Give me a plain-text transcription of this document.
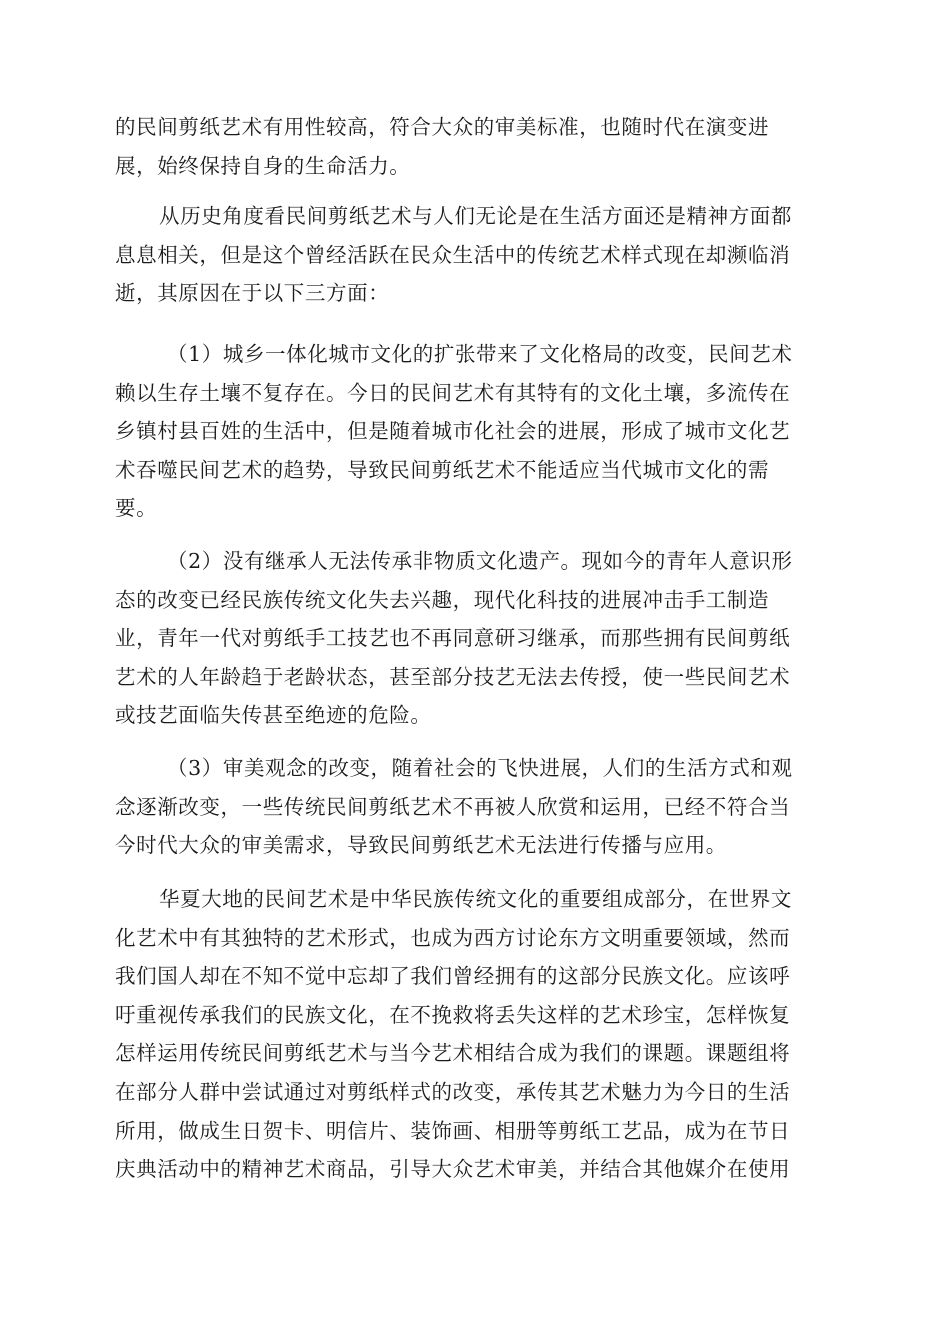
的民间剪纸艺术有用性较高，符合大众的审美标准，也随时代在演变进
展，始终保持自身的生命活力。

从历史角度看民间剪纸艺术与人们无论是在生活方面还是精神方面都
息息相关，但是这个曾经活跃在民众生活中的传统艺术样式现在却濒临消
逝，其原因在于以下三方面：

（1）城乡一体化城市文化的扩张带来了文化格局的改变，民间艺术
赖以生存土壤不复存在。今日的民间艺术有其特有的文化土壤，多流传在
乡镇村县百姓的生活中，但是随着城市化社会的进展，形成了城市文化艺
术吞噬民间艺术的趋势，导致民间剪纸艺术不能适应当代城市文化的需
要。

（2）没有继承人无法传承非物质文化遗产。现如今的青年人意识形
态的改变已经民族传统文化失去兴趣，现代化科技的进展冲击手工制造
业，青年一代对剪纸手工技艺也不再同意研习继承，而那些拥有民间剪纸
艺术的人年龄趋于老龄状态，甚至部分技艺无法去传授，使一些民间艺术
或技艺面临失传甚至绝迹的危险。

（3）审美观念的改变，随着社会的飞快进展，人们的生活方式和观
念逐渐改变，一些传统民间剪纸艺术不再被人欣赏和运用，已经不符合当
今时代大众的审美需求，导致民间剪纸艺术无法进行传播与应用。

华夏大地的民间艺术是中华民族传统文化的重要组成部分，在世界文
化艺术中有其独特的艺术形式，也成为西方讨论东方文明重要领域，然而
我们国人却在不知不觉中忘却了我们曾经拥有的这部分民族文化。应该呼
吁重视传承我们的民族文化，在不挽救将丢失这样的艺术珍宝，怎样恢复
怎样运用传统民间剪纸艺术与当今艺术相结合成为我们的课题。课题组将
在部分人群中尝试通过对剪纸样式的改变，承传其艺术魅力为今日的生活
所用，做成生日贺卡、明信片、装饰画、相册等剪纸工艺品，成为在节日
庆典活动中的精神艺术商品，引导大众艺术审美，并结合其他媒介在使用
